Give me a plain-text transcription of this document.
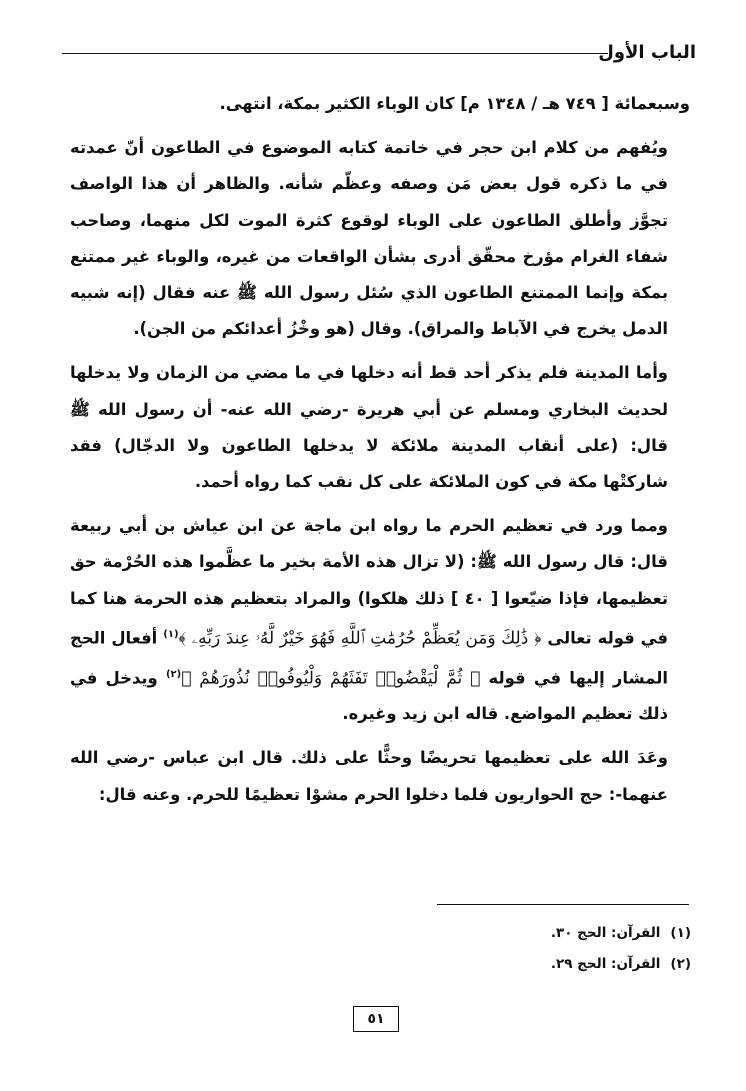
الباب الأول

وسبعمائة [ ٧٤٩ هـ / ١٣٤٨ م] كان الوباء الكثير بمكة، انتهى.

ويُفهم من كلام ابن حجر في خاتمة كتابه الموضوع في الطاعون أنّ عمدته في ما ذكره قول بعض مَن وصفه وعظّم شأنه. والظاهر أن هذا الواصف تجوَّز وأطلق الطاعون على الوباء لوقوع كثرة الموت لكل منهما، وصاحب شفاء الغرام مؤرخ محقّق أدرى بشأن الواقعات من غيره، والوباء غير ممتنع بمكة وإنما الممتنع الطاعون الذي سُئل رسول الله ﷺ عنه فقال (إنه شبيه الدمل يخرج في الآباط والمراق). وقال (هو وخْزُ أعدائكم من الجن).

وأما المدينة فلم يذكر أحد قط أنه دخلها في ما مضي من الزمان ولا يدخلها لحديث البخاري ومسلم عن أبي هريرة -رضي الله عنه- أن رسول الله ﷺ قال: (على أنقاب المدينة ملائكة لا يدخلها الطاعون ولا الدجّال) فقد شاركتْها مكة في كون الملائكة على كل نقب كما رواه أحمد.

ومما ورد في تعظيم الحرم ما رواه ابن ماجة عن ابن عياش بن أبي ربيعة قال: قال رسول الله ﷺ: (لا تزال هذه الأمة بخير ما عظَّموا هذه الحُرْمة حق تعظيمها، فإذا ضيّعوا [ ٤٠ ] ذلك هلكوا) والمراد بتعظيم هذه الحرمة هنا كما في قوله تعالى ﴿ ذَٰلِكَ وَمَن يُعَظِّمْ حُرُمَٰتِ ٱللَّهِ فَهُوَ خَيْرٌ لَّهُۥ عِندَ رَبِّهِۦ ﴾$^{(١)}$ أفعال الحج المشار إليها في قوله ﴿ ثُمَّ لْيَقْضُوا۟ تَفَثَهُمْ وَلْيُوفُوا۟ نُذُورَهُمْ ﴾$^{(٢)}$ ويدخل في ذلك تعظيم المواضع. قاله ابن زيد وغيره.

وعَدَ الله على تعظيمها تحريضًا وحثًّا على ذلك. قال ابن عباس -رضي الله عنهما-: حج الحواريون فلما دخلوا الحرم مشوْا تعظيمًا للحرم. وعنه قال:

(١)القرآن: الحج ٣٠.

(٢)القرآن: الحج ٢٩.

٥١
